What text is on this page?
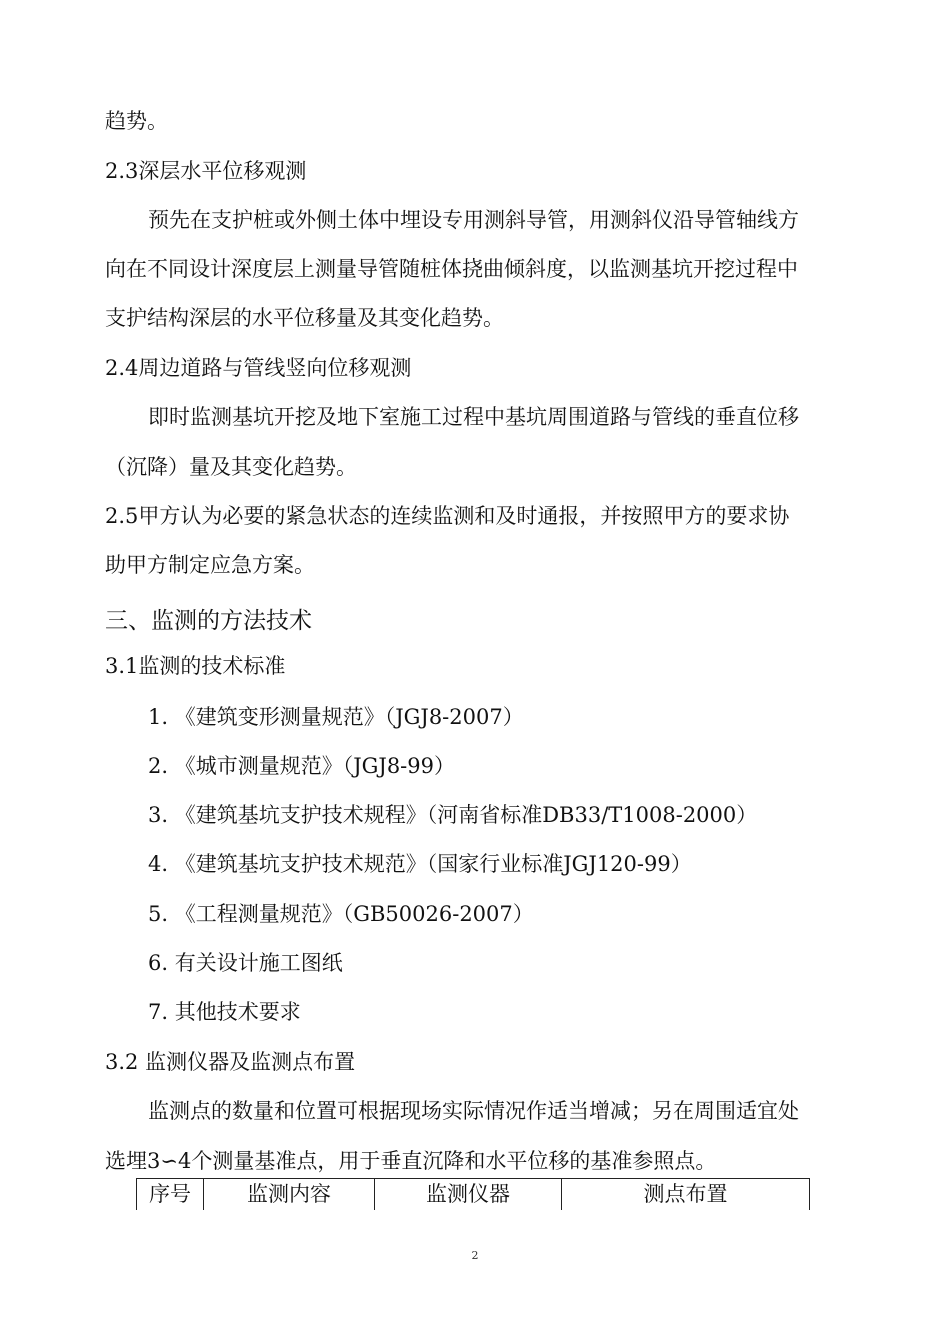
趋势。
2.3深层水平位移观测
预先在支护桩或外侧土体中埋设专用测斜导管，用测斜仪沿导管轴线方
向在不同设计深度层上测量导管随桩体挠曲倾斜度，以监测基坑开挖过程中
支护结构深层的水平位移量及其变化趋势。
2.4周边道路与管线竖向位移观测
即时监测基坑开挖及地下室施工过程中基坑周围道路与管线的垂直位移
（沉降）量及其变化趋势。
2.5甲方认为必要的紧急状态的连续监测和及时通报，并按照甲方的要求协
助甲方制定应急方案。
三、监测的方法技术
3.1监测的技术标准
1. 《建筑变形测量规范》（JGJ8-2007）
2. 《城市测量规范》（JGJ8-99）
3. 《建筑基坑支护技术规程》（河南省标准DB33/T1008-2000）
4. 《建筑基坑支护技术规范》（国家行业标准JGJ120-99）
5. 《工程测量规范》（GB50026-2007）
6. 有关设计施工图纸
7. 其他技术要求
3.2 监测仪器及监测点布置
监测点的数量和位置可根据现场实际情况作适当增减；另在周围适宜处
选埋3∽4个测量基准点，用于垂直沉降和水平位移的基准参照点。
序号	监测内容	监测仪器	测点布置
2
